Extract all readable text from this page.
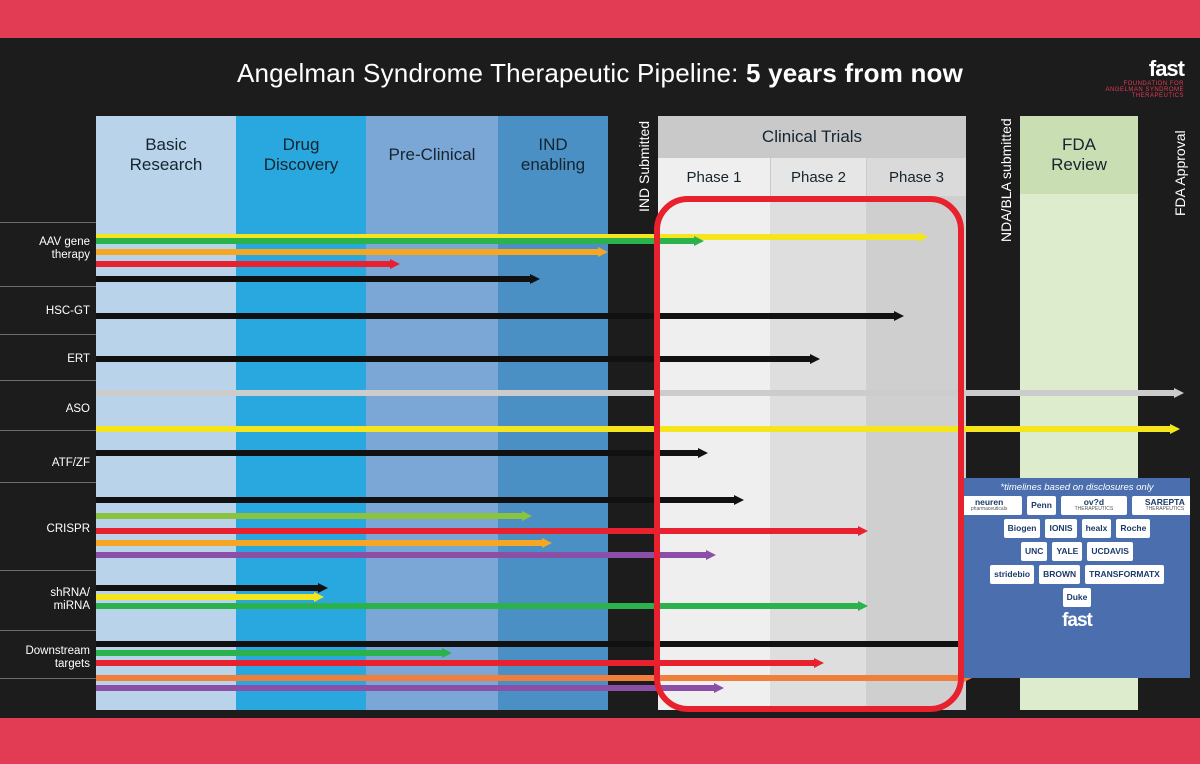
Angelman Syndrome Therapeutic Pipeline: 5 years from now	fast
FOUNDATION FOR
ANGELMAN SYNDROME
THERAPEUTICS
Basic
Research
Drug
Discovery
Pre-Clinical
IND
enabling	IND Submitted	NDA/BLA submitted	FDA Approval
Clinical Trials
Phase 1	Phase 2	Phase 3
FDA
Review
AAV gene
therapy
HSC-GT
ERT
ASO
ATF/ZF
CRISPR
shRNA/
miRNA
Downstream
targets
*timelines based on disclosures only
neuren
pharmaceuticals	Penn	ov?d
THERAPEUTICS
SAREPTA
THERAPEUTICS
Biogen IONIS healx Roche
UNC YALE UCDAVIS
stridebio BROWN TRANSFORMATX
Duke
fast
